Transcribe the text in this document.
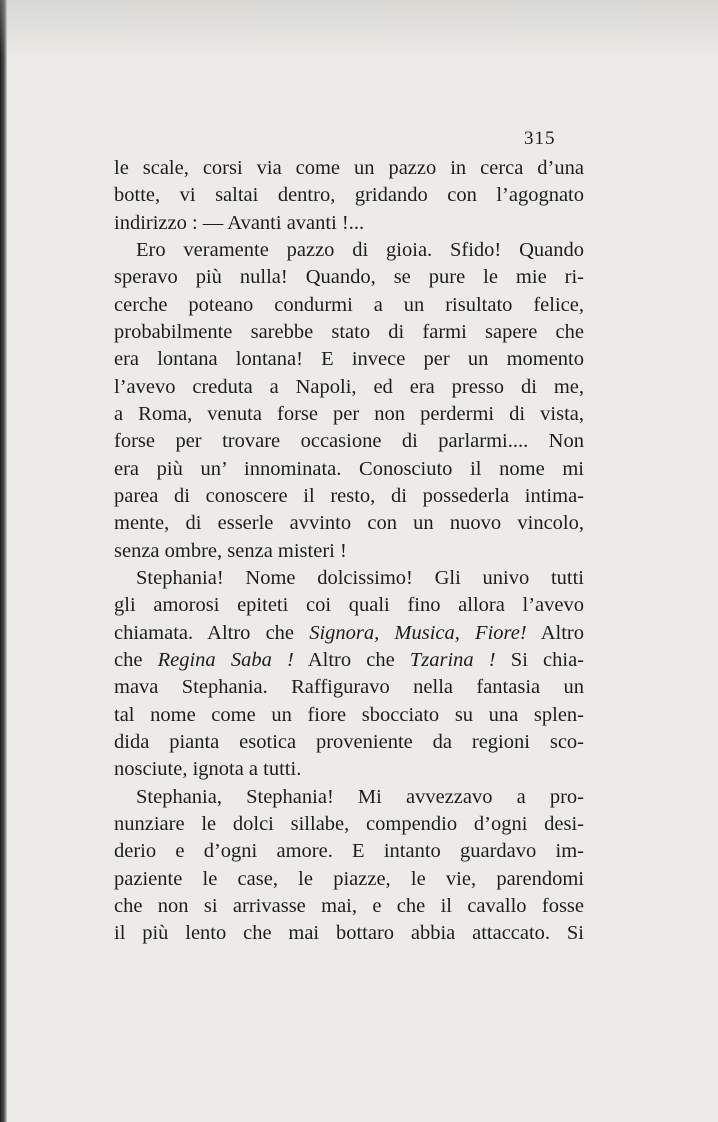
315
le scale, corsi via come un pazzo in cerca d’una
botte, vi saltai dentro, gridando con l’agognato
indirizzo : — Avanti avanti !...
Ero veramente pazzo di gioia. Sfido! Quando
speravo più nulla! Quando, se pure le mie ri-
cerche poteano condurmi a un risultato felice,
probabilmente sarebbe stato di farmi sapere che
era lontana lontana! E invece per un momento
l’avevo creduta a Napoli, ed era presso di me,
a Roma, venuta forse per non perdermi di vista,
forse per trovare occasione di parlarmi.... Non
era più un’ innominata. Conosciuto il nome mi
parea di conoscere il resto, di possederla intima-
mente, di esserle avvinto con un nuovo vincolo,
senza ombre, senza misteri !
Stephania! Nome dolcissimo! Gli univo tutti
gli amorosi epiteti coi quali fino allora l’avevo
chiamata. Altro che Signora, Musica, Fiore! Altro
che Regina Saba ! Altro che Tzarina ! Si chia-
mava Stephania. Raffiguravo nella fantasia un
tal nome come un fiore sbocciato su una splen-
dida pianta esotica proveniente da regioni sco-
nosciute, ignota a tutti.
Stephania, Stephania! Mi avvezzavo a pro-
nunziare le dolci sillabe, compendio d’ogni desi-
derio e d’ogni amore. E intanto guardavo im-
paziente le case, le piazze, le vie, parendomi
che non si arrivasse mai, e che il cavallo fosse
il più lento che mai bottaro abbia attaccato. Si
